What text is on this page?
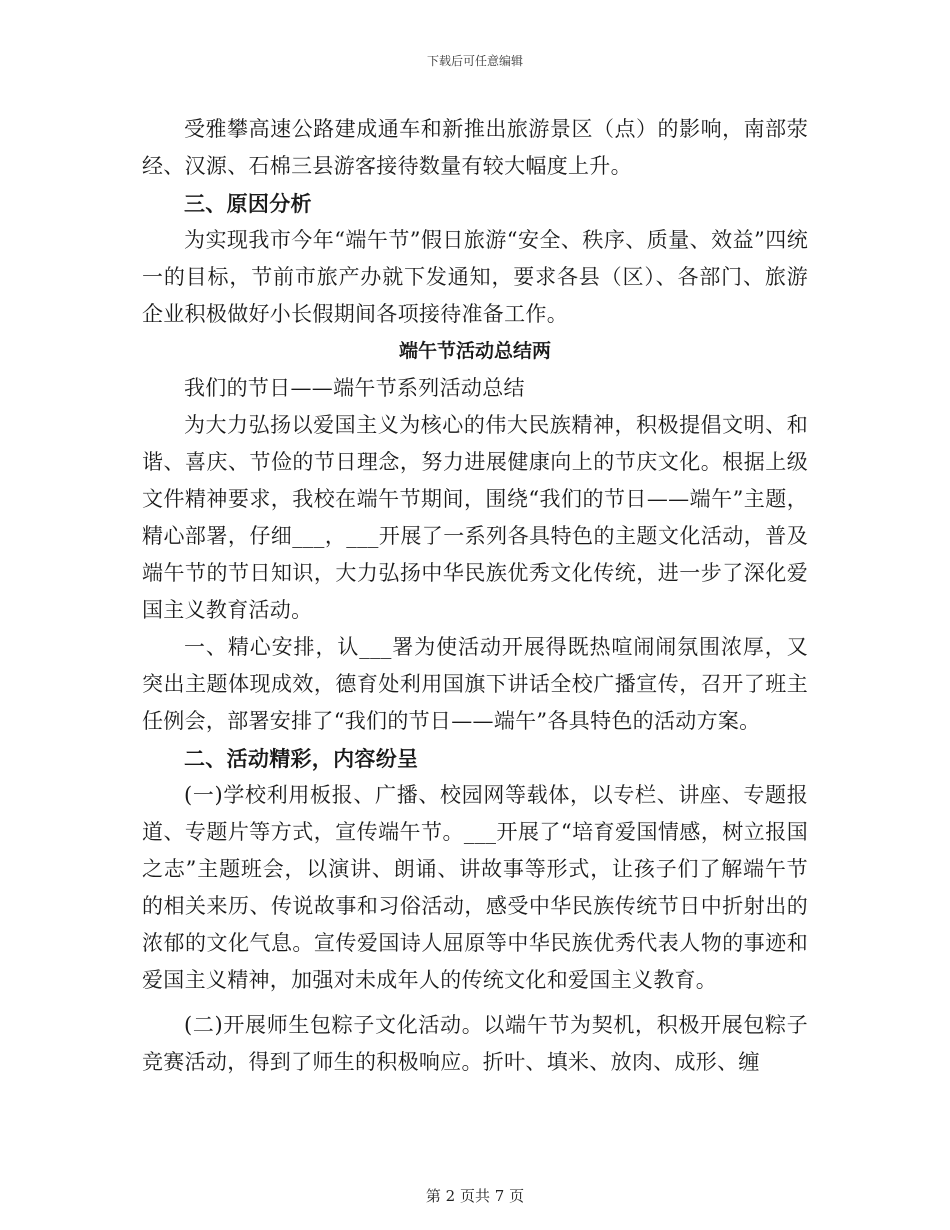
下载后可任意编辑

受雅攀高速公路建成通车和新推出旅游景区（点）的影响，南部荥经、汉源、石棉三县游客接待数量有较大幅度上升。

三、原因分析

为实现我市今年“端午节”假日旅游“安全、秩序、质量、效益”四统一的目标，节前市旅产办就下发通知，要求各县（区）、各部门、旅游企业积极做好小长假期间各项接待准备工作。

端午节活动总结两

我们的节日——端午节系列活动总结

为大力弘扬以爱国主义为核心的伟大民族精神，积极提倡文明、和谐、喜庆、节俭的节日理念，努力进展健康向上的节庆文化。根据上级文件精神要求，我校在端午节期间，围绕“我们的节日——端午”主题，精心部署，仔细___，___开展了一系列各具特色的主题文化活动，普及端午节的节日知识，大力弘扬中华民族优秀文化传统，进一步了深化爱国主义教育活动。

一、精心安排，认___署为使活动开展得既热喧闹闹氛围浓厚，又突出主题体现成效，德育处利用国旗下讲话全校广播宣传，召开了班主任例会，部署安排了“我们的节日——端午”各具特色的活动方案。

二、活动精彩，内容纷呈

(一)学校利用板报、广播、校园网等载体，以专栏、讲座、专题报道、专题片等方式，宣传端午节。___开展了“培育爱国情感，树立报国之志”主题班会，以演讲、朗诵、讲故事等形式，让孩子们了解端午节的相关来历、传说故事和习俗活动，感受中华民族传统节日中折射出的浓郁的文化气息。宣传爱国诗人屈原等中华民族优秀代表人物的事迹和爱国主义精神，加强对未成年人的传统文化和爱国主义教育。

(二)开展师生包粽子文化活动。以端午节为契机，积极开展包粽子竞赛活动，得到了师生的积极响应。折叶、填米、放肉、成形、缠

第 2 页共 7 页
